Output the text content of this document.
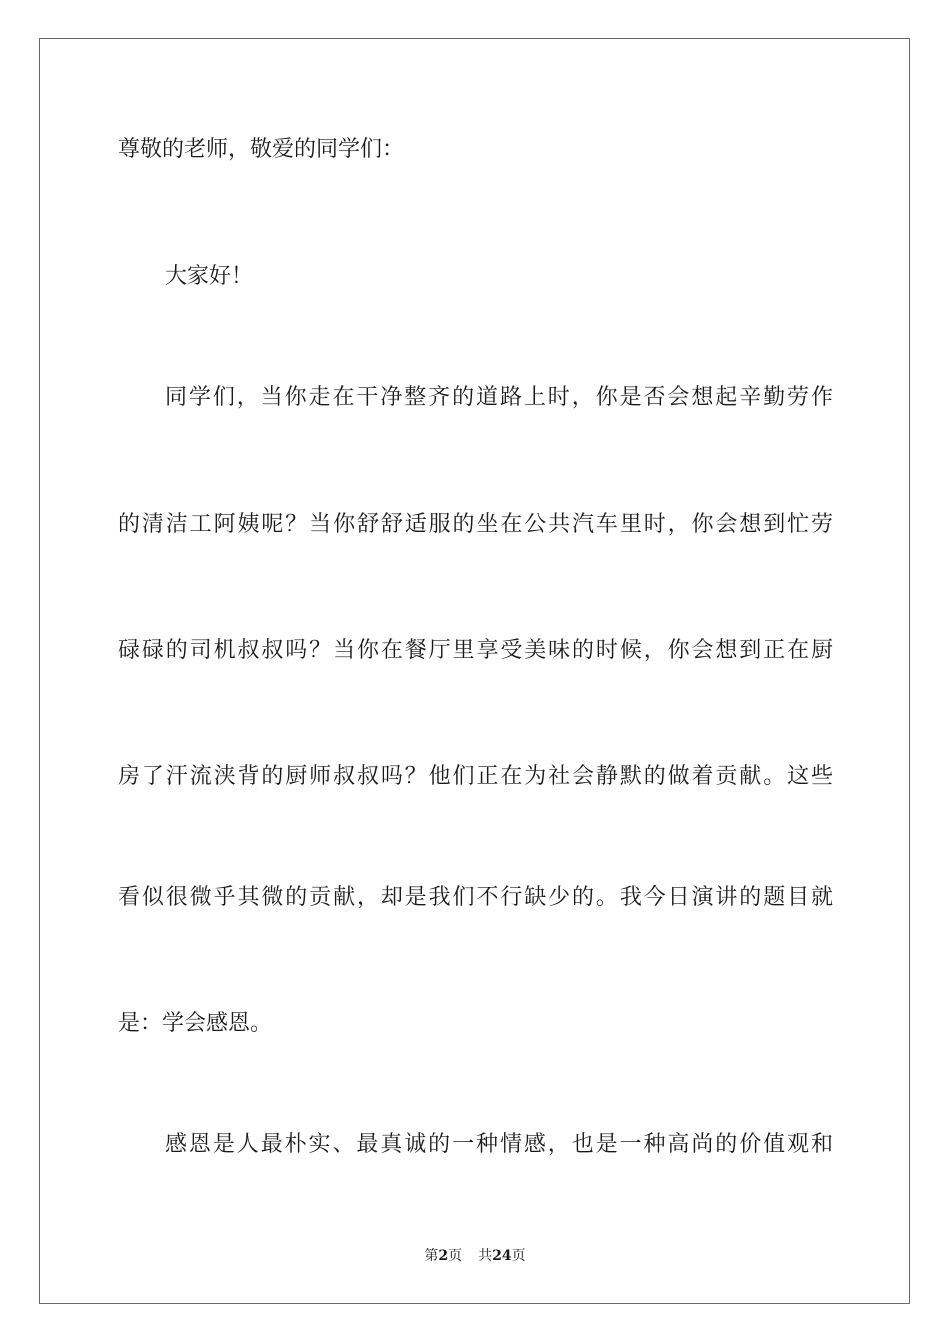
尊敬的老师，敬爱的同学们：

大家好！

同学们，当你走在干净整齐的道路上时，你是否会想起辛勤劳作

的清洁工阿姨呢？当你舒舒适服的坐在公共汽车里时，你会想到忙劳

碌碌的司机叔叔吗？当你在餐厅里享受美味的时候，你会想到正在厨

房了汗流浃背的厨师叔叔吗？他们正在为社会静默的做着贡献。这些

看似很微乎其微的贡献，却是我们不行缺少的。我今日演讲的题目就

是：学会感恩。

感恩是人最朴实、最真诚的一种情感，也是一种高尚的价值观和

第2页 共24页
